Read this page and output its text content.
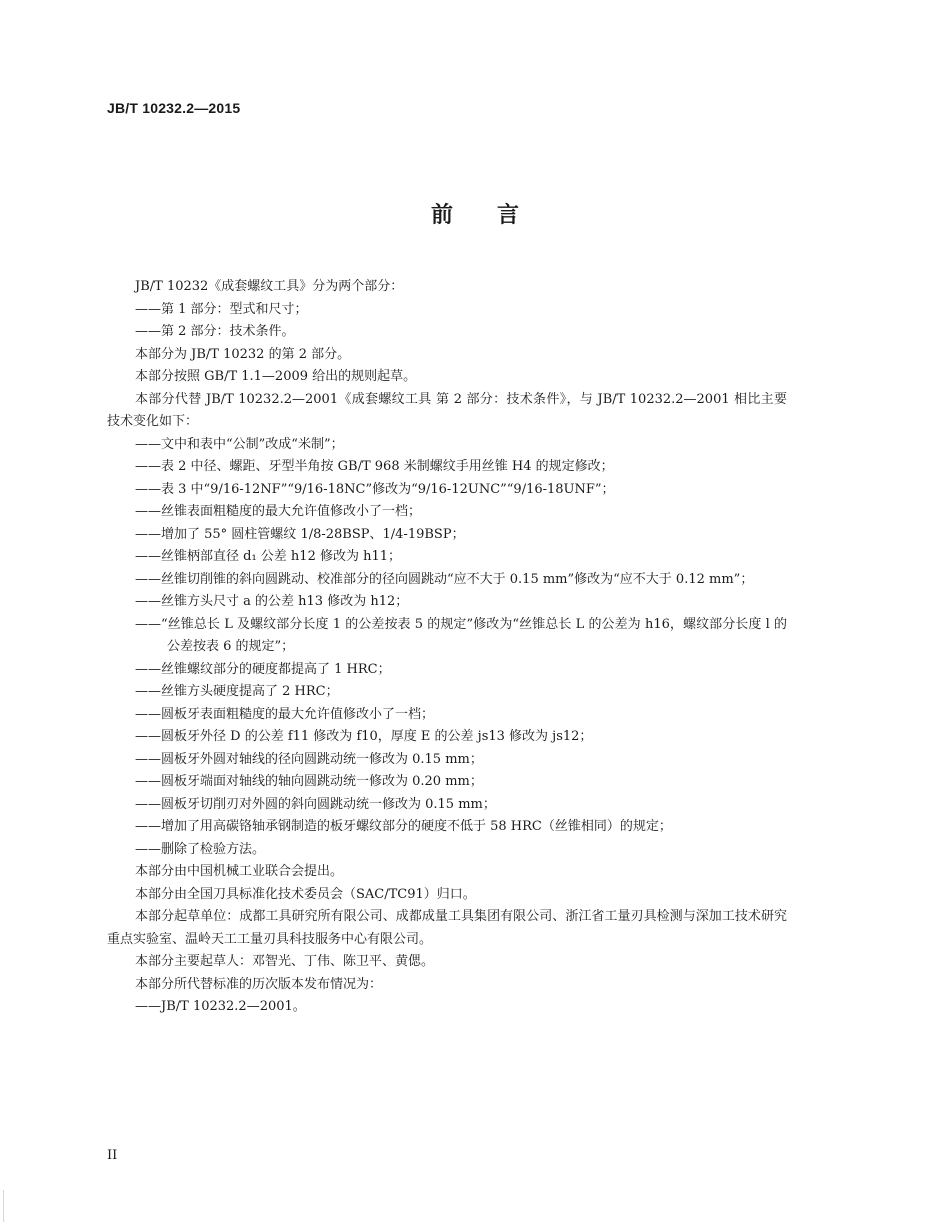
JB/T 10232.2—2015
前言

JB/T 10232《成套螺纹工具》分为两个部分：

——第 1 部分：型式和尺寸；

——第 2 部分：技术条件。

本部分为 JB/T 10232 的第 2 部分。

本部分按照 GB/T 1.1—2009 给出的规则起草。

本部分代替 JB/T 10232.2—2001《成套螺纹工具 第 2 部分：技术条件》，与 JB/T 10232.2—2001 相比主要技术变化如下：

——文中和表中“公制”改成“米制”；

——表 2 中径、螺距、牙型半角按 GB/T 968 米制螺纹手用丝锥 H4 的规定修改；

——表 3 中“9/16-12NF”“9/16-18NC”修改为“9/16-12UNC”“9/16-18UNF”；

——丝锥表面粗糙度的最大允许值修改小了一档；

——增加了 55° 圆柱管螺纹 1/8-28BSP、1/4-19BSP；

——丝锥柄部直径 d₁ 公差 h12 修改为 h11；

——丝锥切削锥的斜向圆跳动、校准部分的径向圆跳动“应不大于 0.15 mm”修改为“应不大于 0.12 mm”；

——丝锥方头尺寸 a 的公差 h13 修改为 h12；

——“丝锥总长 L 及螺纹部分长度 1 的公差按表 5 的规定”修改为“丝锥总长 L 的公差为 h16，螺纹部分长度 l 的公差按表 6 的规定”；

——丝锥螺纹部分的硬度都提高了 1 HRC；

——丝锥方头硬度提高了 2 HRC；

——圆板牙表面粗糙度的最大允许值修改小了一档；

——圆板牙外径 D 的公差 f11 修改为 f10，厚度 E 的公差 js13 修改为 js12；

——圆板牙外圆对轴线的径向圆跳动统一修改为 0.15 mm；

——圆板牙端面对轴线的轴向圆跳动统一修改为 0.20 mm；

——圆板牙切削刃对外圆的斜向圆跳动统一修改为 0.15 mm；

——增加了用高碳铬轴承钢制造的板牙螺纹部分的硬度不低于 58 HRC（丝锥相同）的规定；

——删除了检验方法。

本部分由中国机械工业联合会提出。

本部分由全国刀具标准化技术委员会（SAC/TC91）归口。

本部分起草单位：成都工具研究所有限公司、成都成量工具集团有限公司、浙江省工量刃具检测与深加工技术研究重点实验室、温岭天工工量刃具科技服务中心有限公司。

本部分主要起草人：邓智光、丁伟、陈卫平、黄偲。

本部分所代替标准的历次版本发布情况为：

——JB/T 10232.2—2001。

II
